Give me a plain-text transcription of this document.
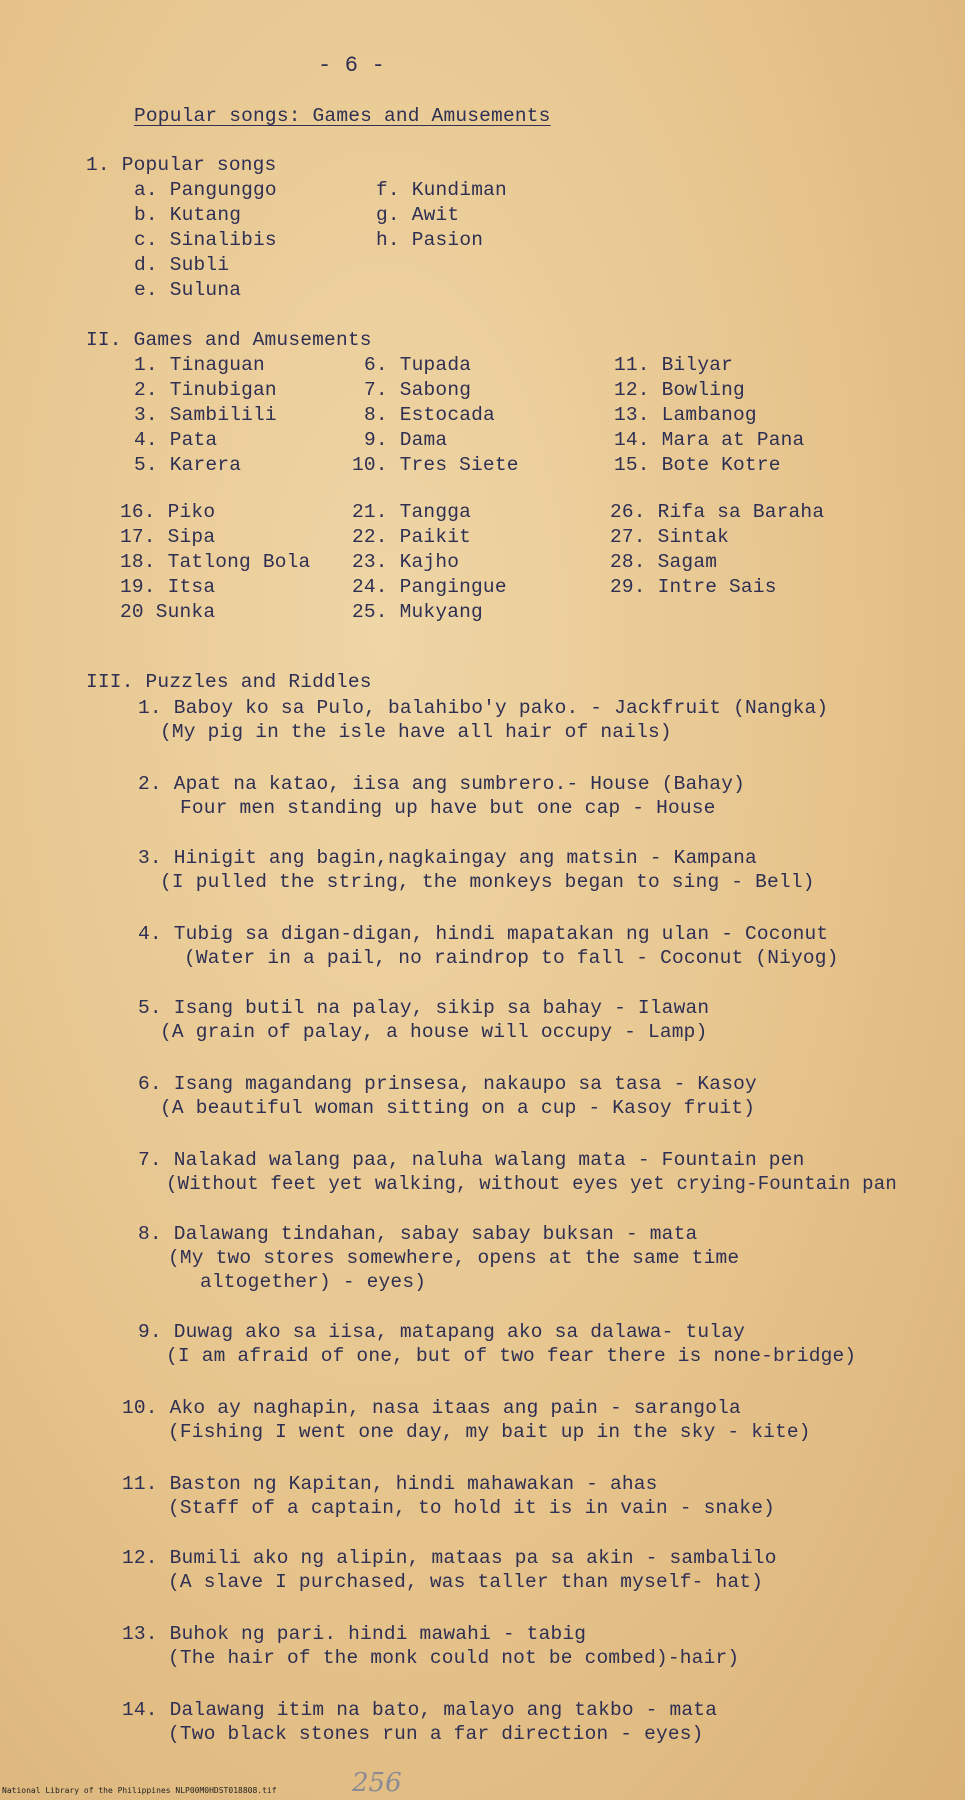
- 6 -
Popular songs: Games and Amusements
1. Popular songs
a. Pangunggo
b. Kutang
c. Sinalibis
d. Subli
e. Suluna
f. Kundiman
g. Awit
h. Pasion
II. Games and Amusements
1. Tinaguan
2. Tinubigan
3. Sambilili
4. Pata
5. Karera
16. Piko
17. Sipa
18. Tatlong Bola
19. Itsa
20 Sunka
6. Tupada
7. Sabong
8. Estocada
9. Dama
10. Tres Siete
21. Tangga
22. Paikit
23. Kajho
24. Pangingue
25. Mukyang
11. Bilyar
12. Bowling
13. Lambanog
14. Mara at Pana
15. Bote Kotre
26. Rifa sa Baraha
27. Sintak
28. Sagam
29. Intre Sais
III. Puzzles and Riddles
1. Baboy ko sa Pulo, balahibo'y pako. - Jackfruit (Nangka)
(My pig in the isle have all hair of nails)
2. Apat na katao, iisa ang sumbrero.- House (Bahay)
Four men standing up have but one cap - House
3. Hinigit ang bagin,nagkaingay ang matsin - Kampana
(I pulled the string, the monkeys began to sing - Bell)
4. Tubig sa digan-digan, hindi mapatakan ng ulan - Coconut
(Water in a pail, no raindrop to fall - Coconut (Niyog)
5. Isang butil na palay, sikip sa bahay - Ilawan
(A grain of palay, a house will occupy - Lamp)
6. Isang magandang prinsesa, nakaupo sa tasa - Kasoy
(A beautiful woman sitting on a cup - Kasoy fruit)
7. Nalakad walang paa, naluha walang mata - Fountain pen
(Without feet yet walking, without eyes yet crying-Fountain pan
8. Dalawang tindahan, sabay sabay buksan - mata
(My two stores somewhere, opens at the same time
altogether) - eyes)
9. Duwag ako sa iisa, matapang ako sa dalawa- tulay
(I am afraid of one, but of two fear there is none-bridge)
10. Ako ay naghapin, nasa itaas ang pain - sarangola
(Fishing I went one day, my bait up in the sky - kite)
11. Baston ng Kapitan, hindi mahawakan - ahas
(Staff of a captain, to hold it is in vain - snake)
12. Bumili ako ng alipin, mataas pa sa akin - sambalilo
(A slave I purchased, was taller than myself- hat)
13. Buhok ng pari. hindi mawahi - tabig
(The hair of the monk could not be combed)-hair)
14. Dalawang itim na bato, malayo ang takbo - mata
(Two black stones run a far direction - eyes)
256
National Library of the Philippines NLP00M0HDST018808.tif
